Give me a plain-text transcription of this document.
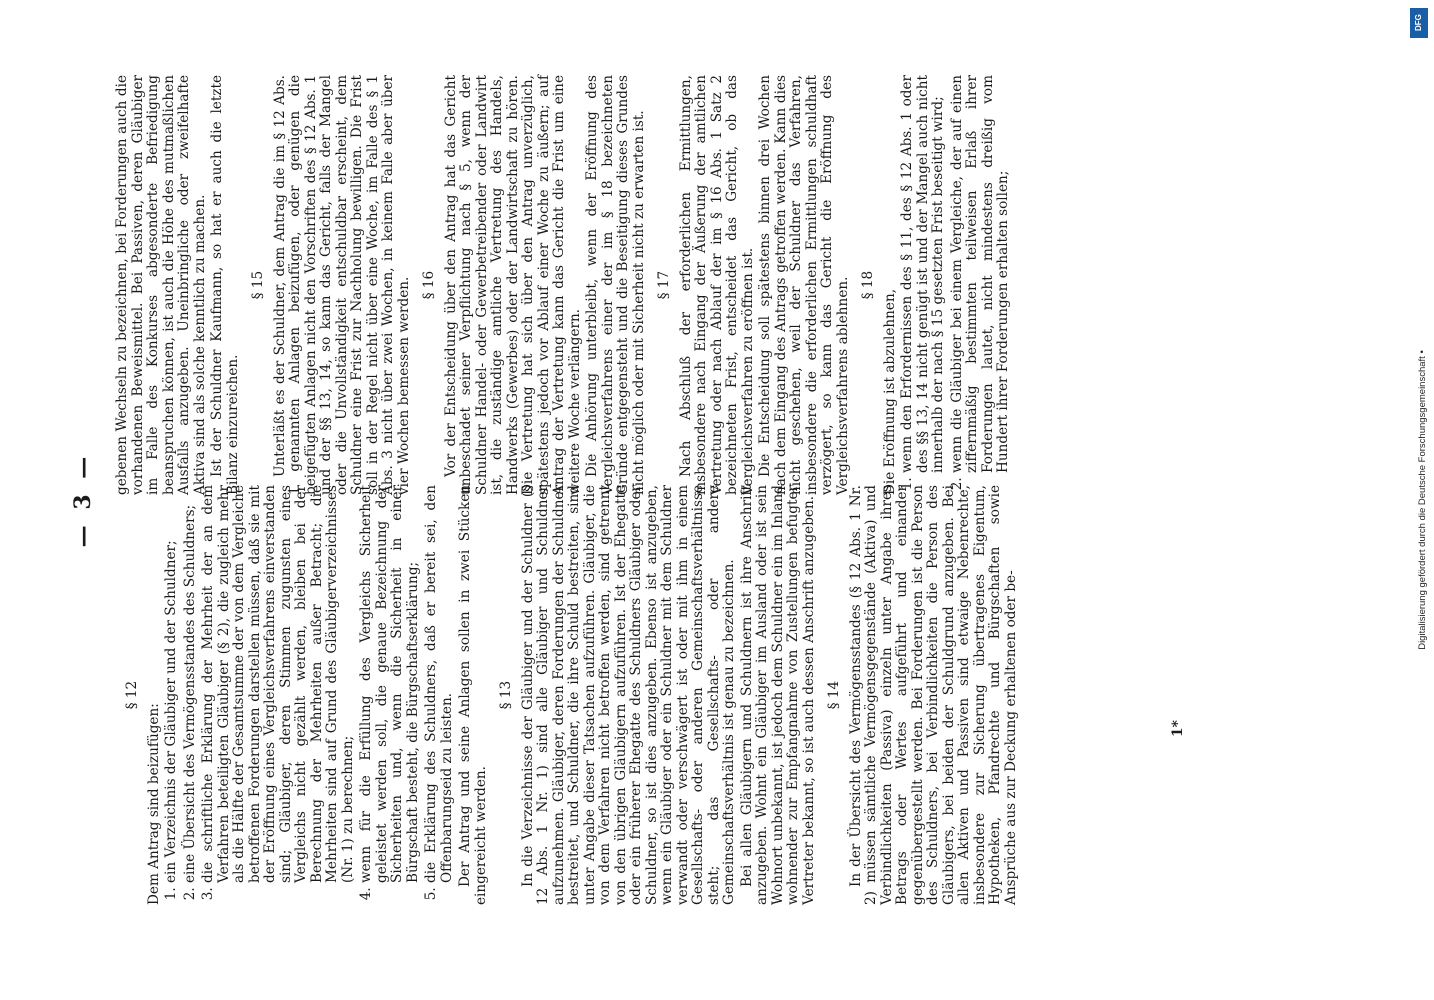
— 3 —
§ 12

Dem Antrag sind beizufügen: 1. ein Verzeichnis der Gläubiger und der Schuldner; 2. eine Übersicht des Vermögensstandes des Schuldners; 3. die schriftliche Erklärung der Mehrheit der an dem Verfahren beteiligten Gläubiger (§ 2), die zugleich mehr als die Hälfte der Gesamtsumme der von dem Vergleiche betroffenen Forderungen darstellen müssen, daß sie mit der Eröffnung eines Vergleichsverfahrens einverstanden sind; Gläubiger, deren Stimmen zugunsten eines Vergleichs nicht gezählt werden, bleiben bei der Berechnung der Mehrheiten außer Betracht; die Mehrheiten sind auf Grund des Gläubigerverzeichnisses (Nr. 1) zu berechnen; 4. wenn für die Erfüllung des Vergleichs Sicherheit geleistet werden soll, die genaue Bezeichnung der Sicherheiten und, wenn die Sicherheit in einer Bürgschaft besteht, die Bürgschaftserklärung; 5. die Erklärung des Schuldners, daß er bereit sei, den Offenbarungseid zu leisten. Der Antrag und seine Anlagen sollen in zwei Stücken eingereicht werden.

§ 13 In die Verzeichnisse der Gläubiger und der Schuldner (§ 12 Abs. 1 Nr. 1) sind alle Gläubiger und Schuldner aufzunehmen. Gläubiger, deren Forderungen der Schuldner bestreitet, und Schuldner, die ihre Schuld bestreiten, sind unter Angabe dieser Tatsachen aufzuführen. Gläubiger, die von dem Verfahren nicht betroffen werden, sind getrennt von den übrigen Gläubigern aufzuführen. Ist der Ehegatte oder ein früherer Ehegatte des Schuldners Gläubiger oder Schuldner, so ist dies anzugeben. Ebenso ist anzugeben, wenn ein Gläubiger oder ein Schuldner mit dem Schuldner verwandt oder verschwägert ist oder mit ihm in einem Gesellschafts- oder anderen Gemeinschaftsverhältnisse steht; das Gesellschafts- oder andere Gemeinschaftsverhältnis ist genau zu bezeichnen. Bei allen Gläubigern und Schuldnern ist ihre Anschrift anzugeben. Wohnt ein Gläubiger im Ausland oder ist sein Wohnort unbekannt, ist jedoch dem Schuldner ein im Inland wohnender zur Empfangnahme von Zustellungen befugter Vertreter bekannt, so ist auch dessen Anschrift anzugeben. § 14 In der Übersicht des Vermögensstandes (§ 12 Abs. 1 Nr. 2) müssen sämtliche Vermögensgegenstände (Aktiva) und Verbindlichkeiten (Passiva) einzeln unter Angabe ihres Betrags oder Wertes aufgeführt und einander gegenübergestellt werden. Bei Forderungen ist die Person des Schuldners, bei Verbindlichkeiten die Person des Gläubigers, bei beiden der Schuldgrund anzugeben. Bei allen Aktiven und Passiven sind etwaige Nebenrechte, insbesondere zur Sicherung übertragenes Eigentum, Hypotheken, Pfandrechte und Bürgschaften sowie Ansprüche aus zur Deckung erhaltenen oder be-

gebenen Wechseln zu bezeichnen, bei Forderungen auch die vorhandenen Beweismittel. Bei Passiven, deren Gläubiger im Falle des Konkurses abgesonderte Befriedigung beanspruchen können, ist auch die Höhe des mutmaßlichen Ausfalls anzugeben. Uneinbringliche oder zweifelhafte Aktiva sind als solche kenntlich zu machen. Ist der Schuldner Kaufmann, so hat er auch die letzte Bilanz einzureichen.

§ 15 Unterläßt es der Schuldner, dem Antrag die im § 12 Abs. 1 genannten Anlagen beizufügen, oder genügen die beigefügten Anlagen nicht den Vorschriften des § 12 Abs. 1 und der §§ 13, 14, so kann das Gericht, falls der Mangel oder die Unvollständigkeit entschuldbar erscheint, dem Schuldner eine Frist zur Nachholung bewilligen. Die Frist soll in der Regel nicht über eine Woche, im Falle des § 1 Abs. 3 nicht über zwei Wochen, in keinem Falle aber über vier Wochen bemessen werden. § 16 Vor der Entscheidung über den Antrag hat das Gericht unbeschadet seiner Verpflichtung nach § 5, wenn der Schuldner Handel- oder Gewerbetreibender oder Landwirt ist, die zuständige amtliche Vertretung des Handels, Handwerks (Gewerbes) oder der Landwirtschaft zu hören. Die Vertretung hat sich über den Antrag unverzüglich, spätestens jedoch vor Ablauf einer Woche zu äußern; auf Antrag der Vertretung kann das Gericht die Frist um eine weitere Woche verlängern. Die Anhörung unterbleibt, wenn der Eröffnung des Vergleichsverfahrens einer der im § 18 bezeichneten Gründe entgegensteht und die Beseitigung dieses Grundes nicht möglich oder mit Sicherheit nicht zu erwarten ist. § 17 Nach Abschluß der erforderlichen Ermittlungen, insbesondere nach Eingang der Äußerung der amtlichen Vertretung oder nach Ablauf der im § 16 Abs. 1 Satz 2 bezeichneten Frist, entscheidet das Gericht, ob das Vergleichsverfahren zu eröffnen ist. Die Entscheidung soll spätestens binnen drei Wochen nach dem Eingang des Antrags getroffen werden. Kann dies nicht geschehen, weil der Schuldner das Verfahren, insbesondere die erforderlichen Ermittlungen schuldhaft verzögert, so kann das Gericht die Eröffnung des Vergleichsverfahrens ablehnen. § 18

Die Eröffnung ist abzulehnen, 1. wenn den Erfordernissen des § 11, des § 12 Abs. 1 oder des §§ 13, 14 nicht genügt ist und der Mangel auch nicht innerhalb der nach § 15 gesetzten Frist beseitigt wird; 2. wenn die Gläubiger bei einem Vergleiche, der auf einen ziffernmäßig bestimmten teilweisen Erlaß ihrer Forderungen lautet, nicht mindestens dreißig vom Hundert ihrer Forderungen erhalten sollen;
1*
Digitalisierung gefördert durch die Deutsche Forschungsgemeinschaft •
DFG
